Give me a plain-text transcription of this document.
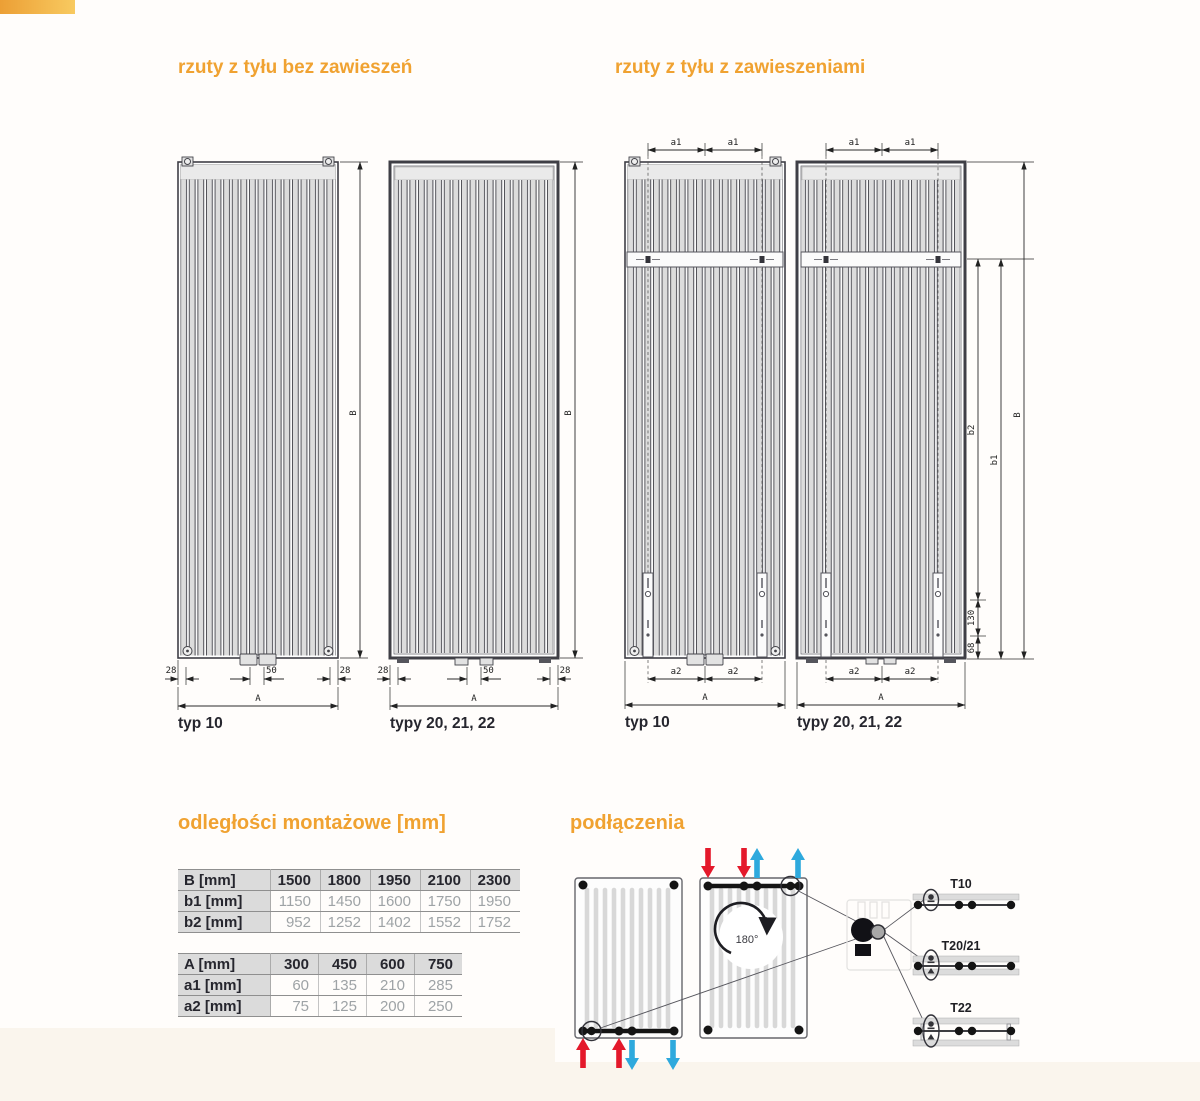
rzuty z tyłu bez zawieszeń	rzuty z tyłu z zawieszeniami
odległości montażowe [mm]	podłączenia
B
28	50	28
A
typ 10
B
28	50	28
A
typy 20, 21, 22
a1	a1
a2	a2
A
typ 10
a1	a1
a2	a2
A
b2
130
68
b1
B
typy 20, 21, 22
B [mm]	1500	1800	1950	2100	2300
b1 [mm]	1150	1450	1600	1750	1950
b2 [mm]	952	1252	1402	1552	1752
A [mm]	300	450	600	750
a1 [mm]	60	135	210	285
a2 [mm]	75	125	200	250
180°
T10
T20/21
T22
